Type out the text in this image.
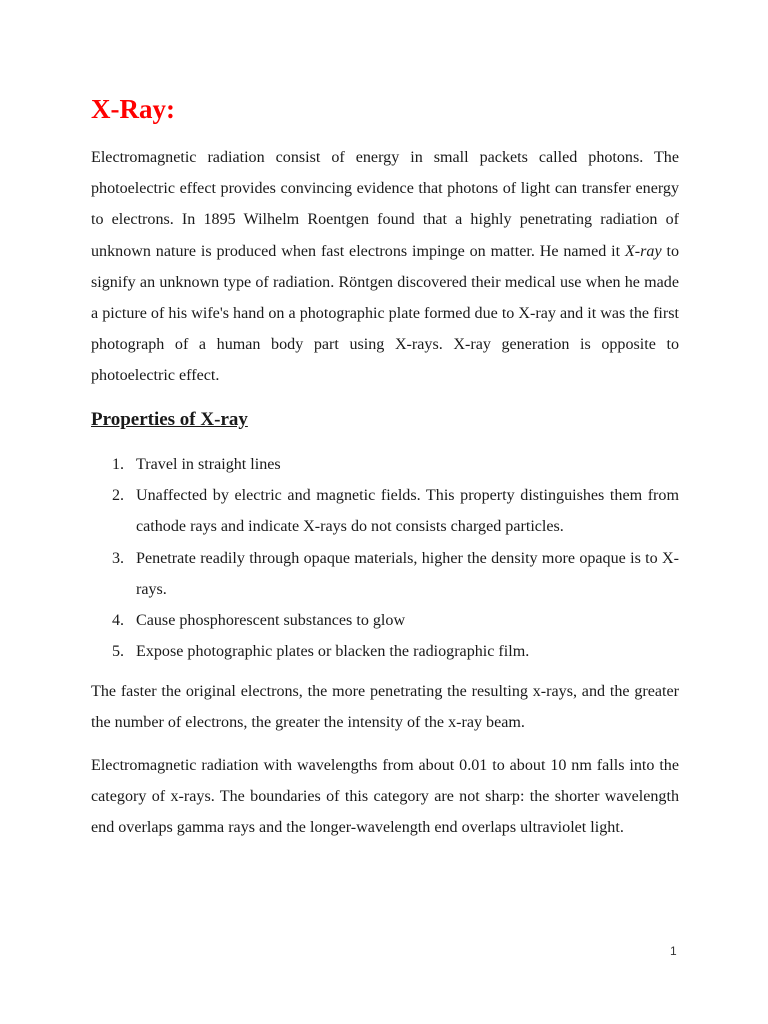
X-Ray:

Electromagnetic radiation consist of energy in small packets called photons. The photoelectric effect provides convincing evidence that photons of light can transfer energy to electrons. In 1895 Wilhelm Roentgen found that a highly penetrating radiation of unknown nature is produced when fast electrons impinge on matter. He named it X-ray to signify an unknown type of radiation. Röntgen discovered their medical use when he made a picture of his wife's hand on a photographic plate formed due to X-ray and it was the first photograph of a human body part using X-rays. X-ray generation is opposite to photoelectric effect.

Properties of X-ray
1. Travel in straight lines
2. Unaffected by electric and magnetic fields. This property distinguishes them from cathode rays and indicate X-rays do not consists charged particles.
3. Penetrate readily through opaque materials, higher the density more opaque is to X-rays.
4. Cause phosphorescent substances to glow
5. Expose photographic plates or blacken the radiographic film.

The faster the original electrons, the more penetrating the resulting x-rays, and the greater the number of electrons, the greater the intensity of the x-ray beam.

Electromagnetic radiation with wavelengths from about 0.01 to about 10 nm falls into the category of x-rays. The boundaries of this category are not sharp: the shorter wavelength end overlaps gamma rays and the longer-wavelength end overlaps ultraviolet light.

1
